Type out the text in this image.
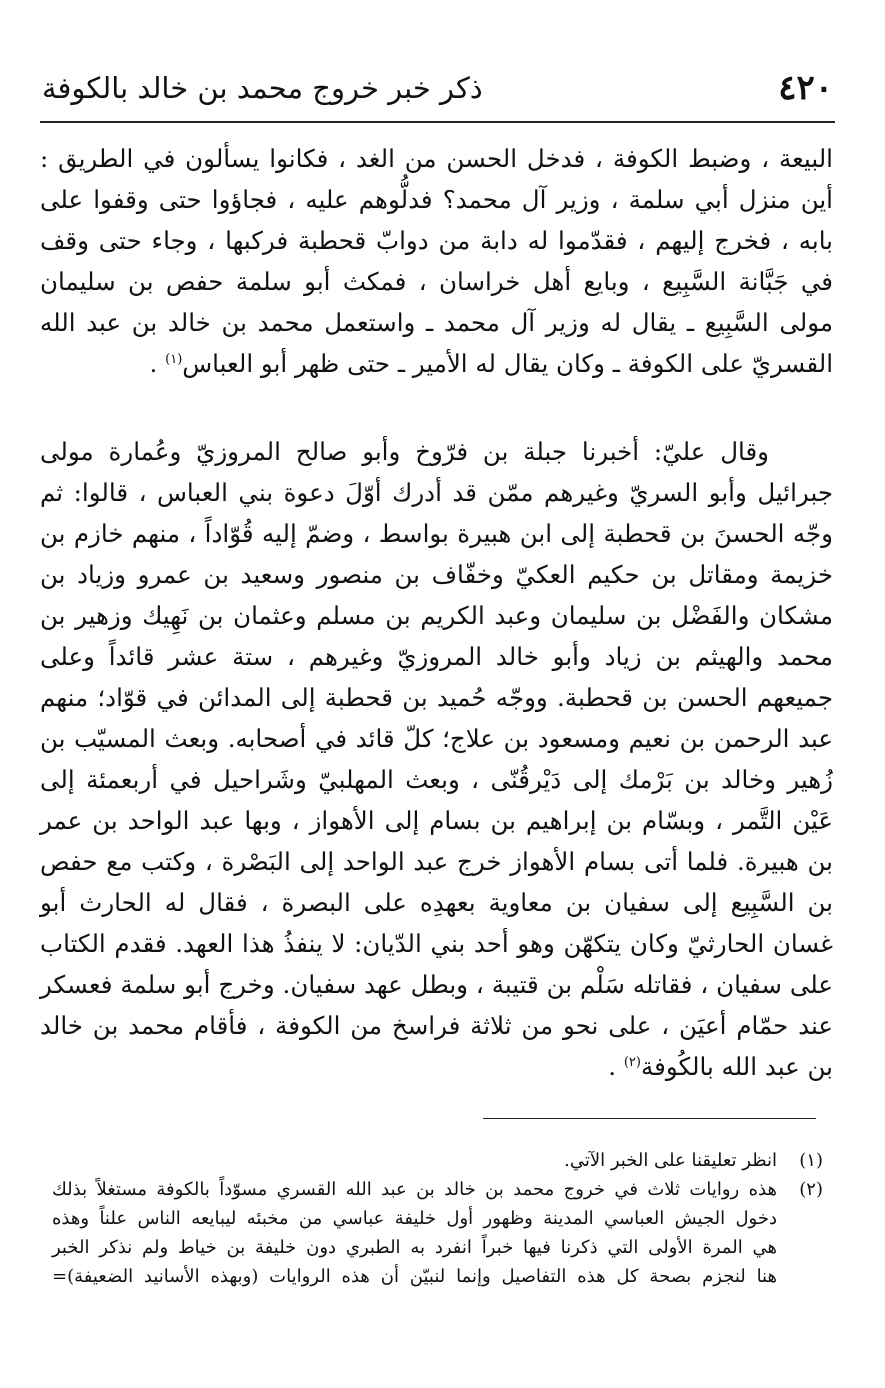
٤٢٠
ذكر خبر خروج محمد بن خالد بالكوفة

البيعة ، وضبط الكوفة ، فدخل الحسن من الغد ، فكانوا يسألون في الطريق : أين منزل أبي سلمة ، وزير آل محمد؟ فدلُّوهم عليه ، فجاؤوا حتى وقفوا على بابه ، فخرج إليهم ، فقدّموا له دابة من دوابّ قحطبة فركبها ، وجاء حتى وقف في جَبَّانة السَّبِيع ، وبايع أهل خراسان ، فمكث أبو سلمة حفص بن سليمان مولى السَّبِيع ـ يقال له وزير آل محمد ـ واستعمل محمد بن خالد بن عبد الله القسريّ على الكوفة ـ وكان يقال له الأمير ـ حتى ظهر أبو العباس$^{(١)}$ .

وقال عليّ: أخبرنا جبلة بن فرّوخ وأبو صالح المروزيّ وعُمارة مولى جبرائيل وأبو السريّ وغيرهم ممّن قد أدرك أوّلَ دعوة بني العباس ، قالوا: ثم وجّه الحسنَ بن قحطبة إلى ابن هبيرة بواسط ، وضمّ إليه قُوّاداً ، منهم خازم بن خزيمة ومقاتل بن حكيم العكيّ وخفّاف بن منصور وسعيد بن عمرو وزياد بن مشكان والفَضْل بن سليمان وعبد الكريم بن مسلم وعثمان بن نَهِيك وزهير بن محمد والهيثم بن زياد وأبو خالد المروزيّ وغيرهم ، ستة عشر قائداً وعلى جميعهم الحسن بن قحطبة. ووجّه حُميد بن قحطبة إلى المدائن في قوّاد؛ منهم عبد الرحمن بن نعيم ومسعود بن علاج؛ كلّ قائد في أصحابه. وبعث المسيّب بن زُهير وخالد بن بَرْمك إلى دَيْرقُنّى ، وبعث المهلبيّ وشَراحيل في أربعمئة إلى عَيْن التَّمر ، وبسّام بن إبراهيم بن بسام إلى الأهواز ، وبها عبد الواحد بن عمر بن هبيرة. فلما أتى بسام الأهواز خرج عبد الواحد إلى البَصْرة ، وكتب مع حفص بن السَّبِيع إلى سفيان بن معاوية بعهدِه على البصرة ، فقال له الحارث أبو غسان الحارثيّ وكان يتكهّن وهو أحد بني الدّيان: لا ينفذُ هذا العهد. فقدم الكتاب على سفيان ، فقاتله سَلْم بن قتيبة ، وبطل عهد سفيان. وخرج أبو سلمة فعسكر عند حمّام أعيَن ، على نحو من ثلاثة فراسخ من الكوفة ، فأقام محمد بن خالد بن عبد الله بالكُوفة$^{(٢)}$ .

(١)
انظر تعليقنا على الخبر الآتي.
(٢)
هذه روايات ثلاث في خروج محمد بن خالد بن عبد الله القسري مسوّداً بالكوفة مستغلاً بذلك
دخول الجيش العباسي المدينة وظهور أول خليفة عباسي من مخبئه ليبايعه الناس علناً وهذه
هي المرة الأولى التي ذكرنا فيها خبراً انفرد به الطبري دون خليفة بن خياط ولم نذكر الخبر
هنا لنجزم بصحة كل هذه التفاصيل وإنما لنبيّن أن هذه الروايات (وبهذه الأسانيد الضعيفة)=
